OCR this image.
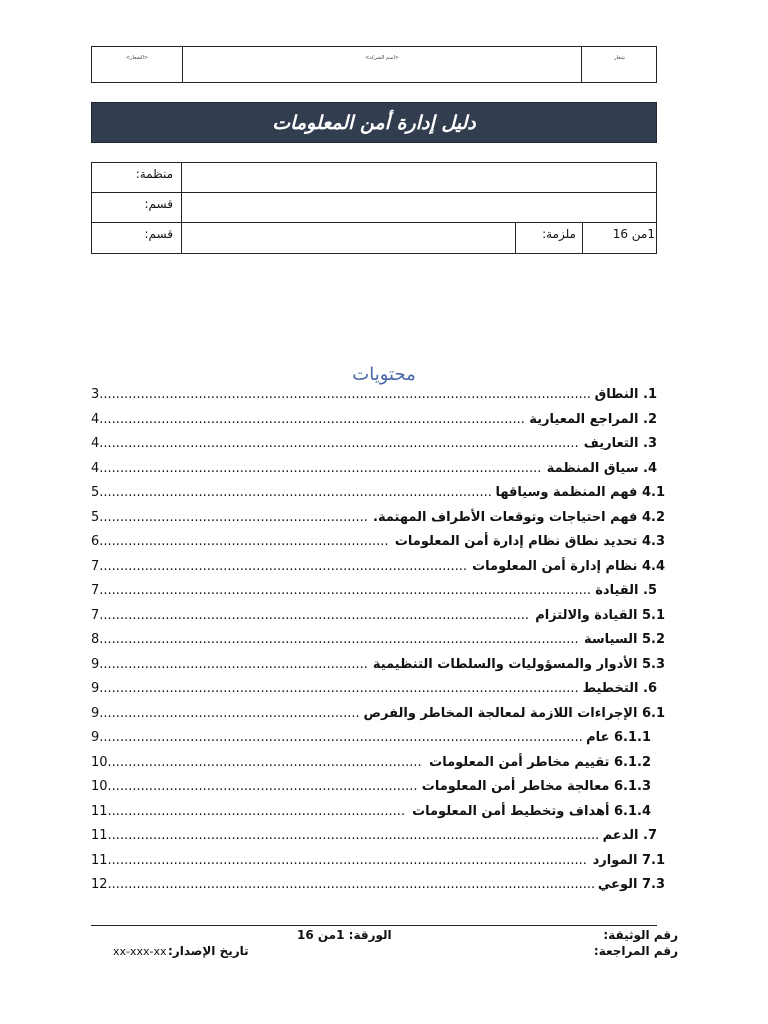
<الشعار>	<اسم الشركة>	شعار
دليل إدارة أمن المعلومات
منظمة:
قسم:
قسم:	ملزمة:	1من 16
محتويات
3.......................................................................................................................	1. النطاق
4.......................................................................................................	2. المراجع المعيارية
4....................................................................................................................	3. التعاريف
4...........................................................................................................	4. سياق المنظمة
5...............................................................................................	4.1 فهم المنظمة وسياقها
5.................................................................	4.2 فهم احتياجات وتوقعات الأطراف المهتمة.
6......................................................................	4.3 تحديد نطاق نظام إدارة أمن المعلومات
7.........................................................................................	4.4 نظام إدارة أمن المعلومات
7.......................................................................................................................	5. القيادة
7........................................................................................................	5.1 القيادة والالتزام
8....................................................................................................................	5.2 السياسة
9.................................................................	5.3 الأدوار والمسؤوليات والسلطات التنظيمية
9....................................................................................................................	6. التخطيط
9...............................................................	6.1 الإجراءات اللازمة لمعالجة المخاطر والفرص
9.....................................................................................................................	6.1.1 عام
10............................................................................	6.1.2 تقييم مخاطر أمن المعلومات
10...........................................................................	6.1.3 معالجة مخاطر أمن المعلومات
11........................................................................	6.1.4 أهداف وتخطيط أمن المعلومات
11.......................................................................................................................	7. الدعم
11....................................................................................................................	7.1 الموارد
12......................................................................................................................	7.3 الوعي
رقم الوثيقة:
الورقة: 1من 16
رقم المراجعة:
تاريخ الإصدار:
xx-xxx-xx
